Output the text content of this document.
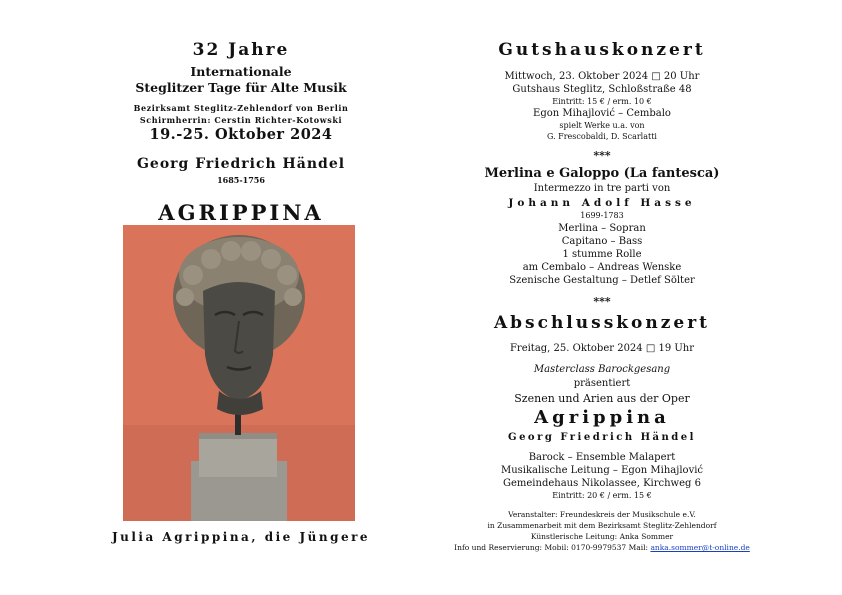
32 Jahre
Internationale
Steglitzer Tage für Alte Musik
Bezirksamt Steglitz-Zehlendorf von Berlin
Schirmherrin: Cerstin Richter-Kotowski
19.-25. Oktober 2024
Georg Friedrich Händel
1685-1756
AGRIPPINA
Julia Agrippina, die Jüngere
Gutshauskonzert
Mittwoch, 23. Oktober 2024 □ 20 Uhr
Gutshaus Steglitz, Schloßstraße 48
Eintritt: 15 € / erm. 10 €
Egon Mihajlović – Cembalo
spielt Werke u.a. von
G. Frescobaldi, D. Scarlatti
***
Merlina e Galoppo (La fantesca)
Intermezzo in tre parti von
Johann Adolf Hasse
1699-1783
Merlina – Sopran
Capitano – Bass
1 stumme Rolle
am Cembalo – Andreas Wenske
Szenische Gestaltung – Detlef Sölter
***
Abschlusskonzert
Freitag, 25. Oktober 2024 □ 19 Uhr
Masterclass Barockgesang
präsentiert
Szenen und Arien aus der Oper
Agrippina
Georg Friedrich Händel
Barock – Ensemble Malapert
Musikalische Leitung – Egon Mihajlović
Gemeindehaus Nikolassee, Kirchweg 6
Eintritt: 20 € / erm. 15 €
Veranstalter: Freundeskreis der Musikschule e.V.
in Zusammenarbeit mit dem Bezirksamt Steglitz-Zehlendorf
Künstlerische Leitung: Anka Sommer
Info und Reservierung: Mobil: 0170-9979537 Mail: anka.sommer@t-online.de
